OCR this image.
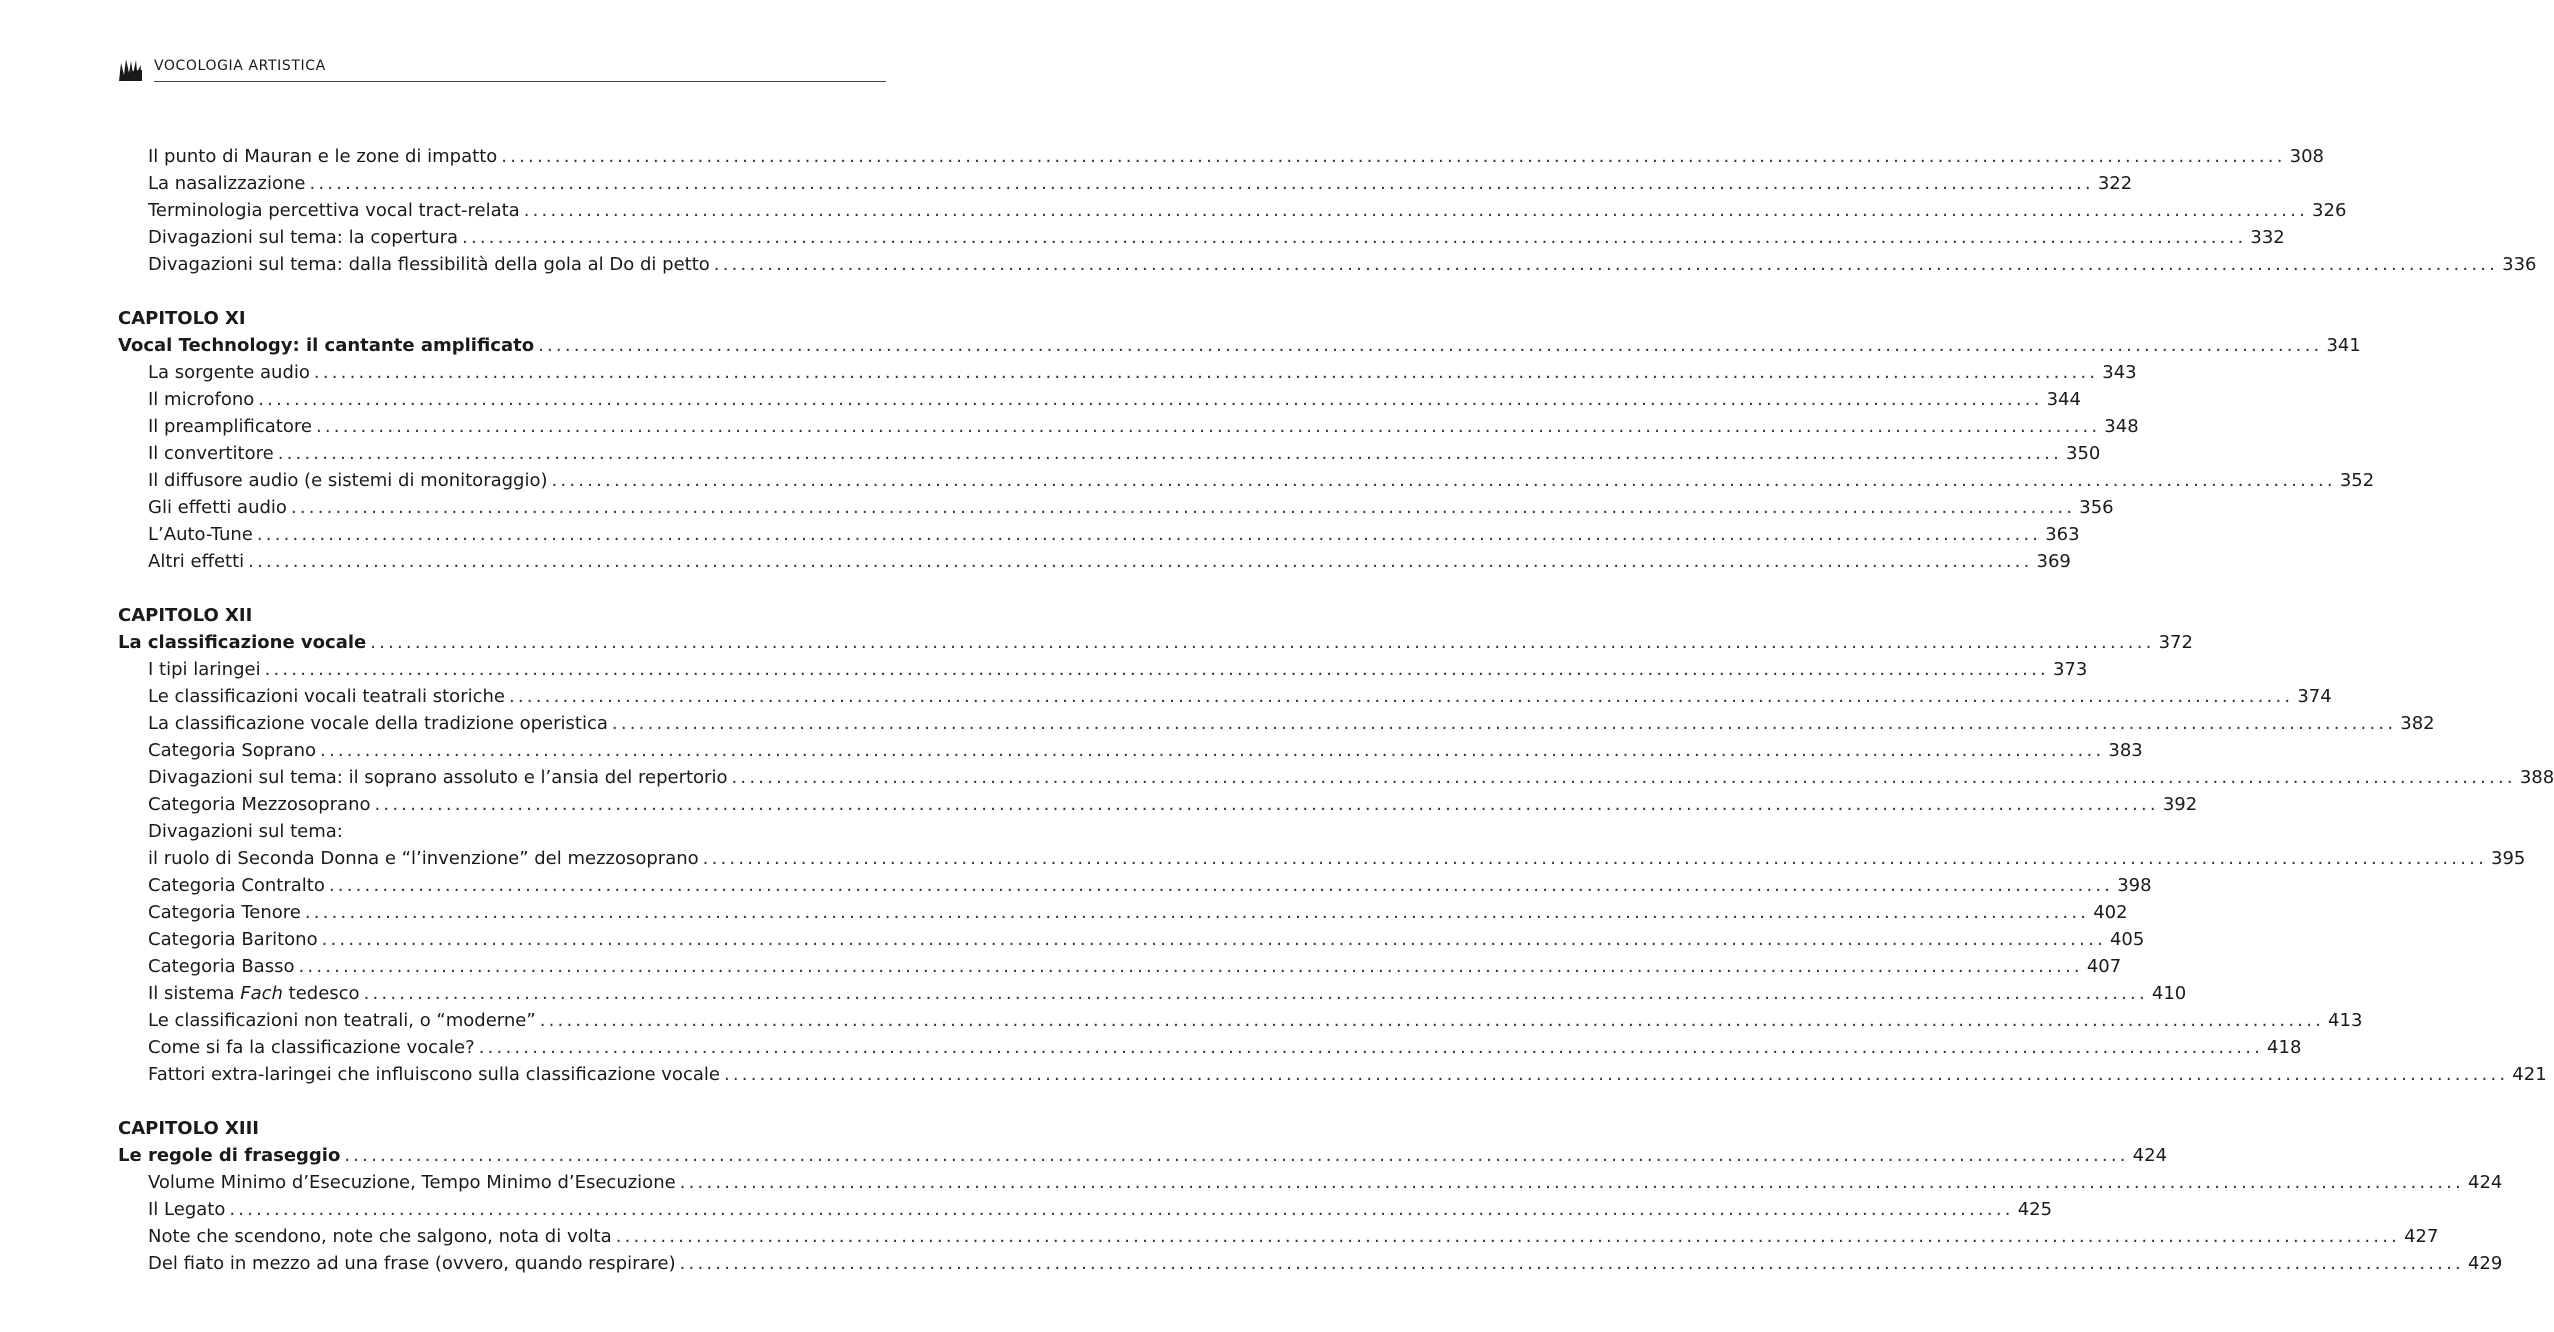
VOCOLOGIA ARTISTICA
Il punto di Mauran e le zone di impatto ........................................................................................................................................................................................................ 308
La nasalizzazione ........................................................................................................................................................................................................ 322
Terminologia percettiva vocal tract-relata ........................................................................................................................................................................................................ 326
Divagazioni sul tema: la copertura ........................................................................................................................................................................................................ 332
Divagazioni sul tema: dalla flessibilità della gola al Do di petto ........................................................................................................................................................................................................ 336
CAPITOLO XI
Vocal Technology: il cantante amplificato ........................................................................................................................................................................................................ 341
La sorgente audio ........................................................................................................................................................................................................ 343
Il microfono ........................................................................................................................................................................................................ 344
Il preamplificatore ........................................................................................................................................................................................................ 348
Il convertitore ........................................................................................................................................................................................................ 350
Il diffusore audio (e sistemi di monitoraggio) ........................................................................................................................................................................................................ 352
Gli effetti audio ........................................................................................................................................................................................................ 356
L’Auto-Tune ........................................................................................................................................................................................................ 363
Altri effetti ........................................................................................................................................................................................................ 369
CAPITOLO XII
La classificazione vocale ........................................................................................................................................................................................................ 372
I tipi laringei ........................................................................................................................................................................................................ 373
Le classificazioni vocali teatrali storiche ........................................................................................................................................................................................................ 374
La classificazione vocale della tradizione operistica ........................................................................................................................................................................................................ 382
Categoria Soprano ........................................................................................................................................................................................................ 383
Divagazioni sul tema: il soprano assoluto e l’ansia del repertorio ........................................................................................................................................................................................................ 388
Categoria Mezzosoprano ........................................................................................................................................................................................................ 392
Divagazioni sul tema:
il ruolo di Seconda Donna e “l’invenzione” del mezzosoprano ........................................................................................................................................................................................................ 395
Categoria Contralto ........................................................................................................................................................................................................ 398
Categoria Tenore ........................................................................................................................................................................................................ 402
Categoria Baritono ........................................................................................................................................................................................................ 405
Categoria Basso ........................................................................................................................................................................................................ 407
Il sistema Fach tedesco ........................................................................................................................................................................................................ 410
Le classificazioni non teatrali, o “moderne” ........................................................................................................................................................................................................ 413
Come si fa la classificazione vocale? ........................................................................................................................................................................................................ 418
Fattori extra-laringei che influiscono sulla classificazione vocale ........................................................................................................................................................................................................ 421
CAPITOLO XIII
Le regole di fraseggio ........................................................................................................................................................................................................ 424
Volume Minimo d’Esecuzione, Tempo Minimo d’Esecuzione ........................................................................................................................................................................................................ 424
Il Legato ........................................................................................................................................................................................................ 425
Note che scendono, note che salgono, nota di volta ........................................................................................................................................................................................................ 427
Del fiato in mezzo ad una frase (ovvero, quando respirare) ........................................................................................................................................................................................................ 429
